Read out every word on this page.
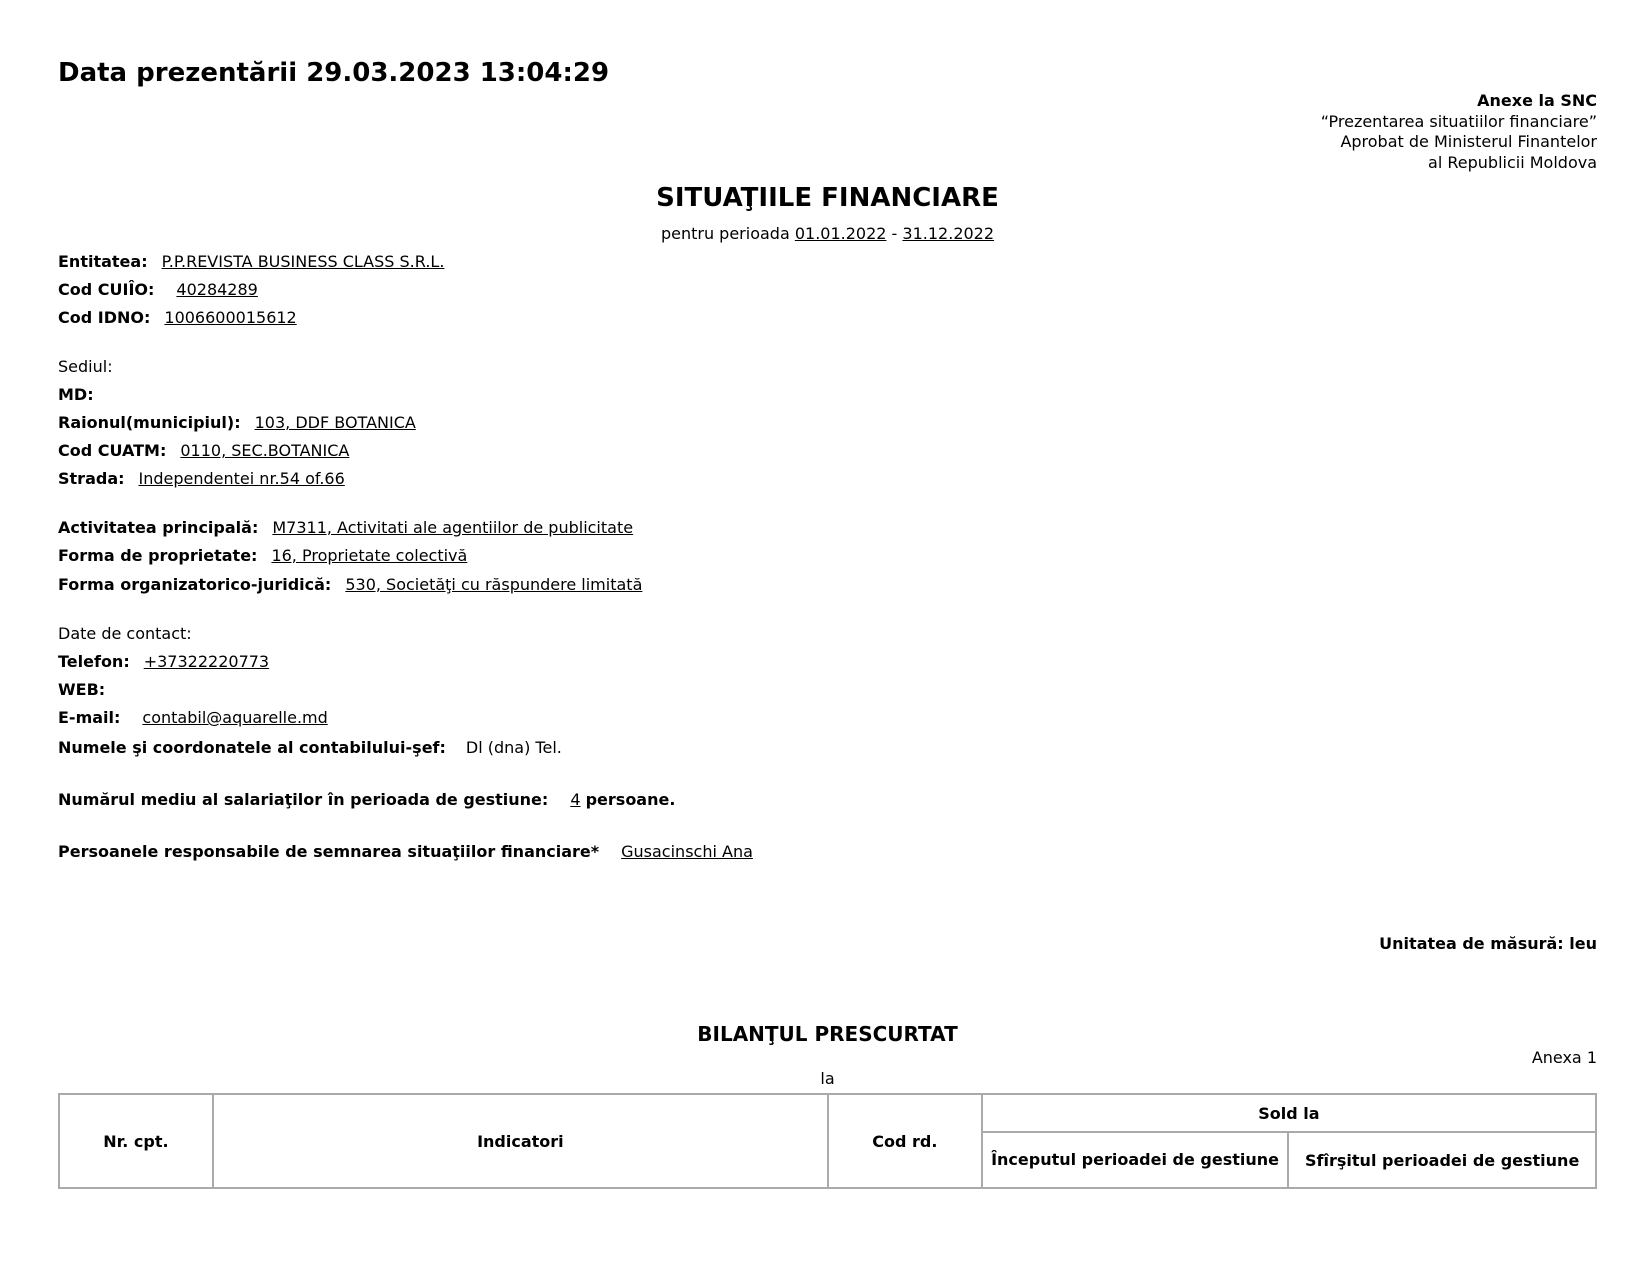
Data prezentării 29.03.2023 13:04:29
Anexe la SNC
“Prezentarea situatiilor financiare”
Aprobat de Ministerul Finantelor
al Republicii Moldova
SITUAŢIILE FINANCIARE
pentru perioada 01.01.2022 - 31.12.2022
Entitatea: P.P.REVISTA BUSINESS CLASS S.R.L.
Cod CUIÎO: 40284289
Cod IDNO: 1006600015612
Sediul:
MD:
Raionul(municipiul): 103, DDF BOTANICA
Cod CUATM: 0110, SEC.BOTANICA
Strada: Independentei nr.54 of.66
Activitatea principală: M7311, Activitati ale agentiilor de publicitate
Forma de proprietate: 16, Proprietate colectivă
Forma organizatorico-juridică: 530, Societăţi cu răspundere limitată
Date de contact:
Telefon: +37322220773
WEB:
E-mail: contabil@aquarelle.md
Numele şi coordonatele al contabilului-şef: Dl (dna) Tel.
Numărul mediu al salariaţilor în perioada de gestiune: 4 persoane.
Persoanele responsabile de semnarea situaţiilor financiare* Gusacinschi Ana
Unitatea de măsură: leu
BILANŢUL PRESCURTAT
Anexa 1
la
Nr. cpt.	Indicatori	Cod rd.	Sold la	
			Începutul perioadei de gestiune	Sfîrşitul perioadei de gestiune
